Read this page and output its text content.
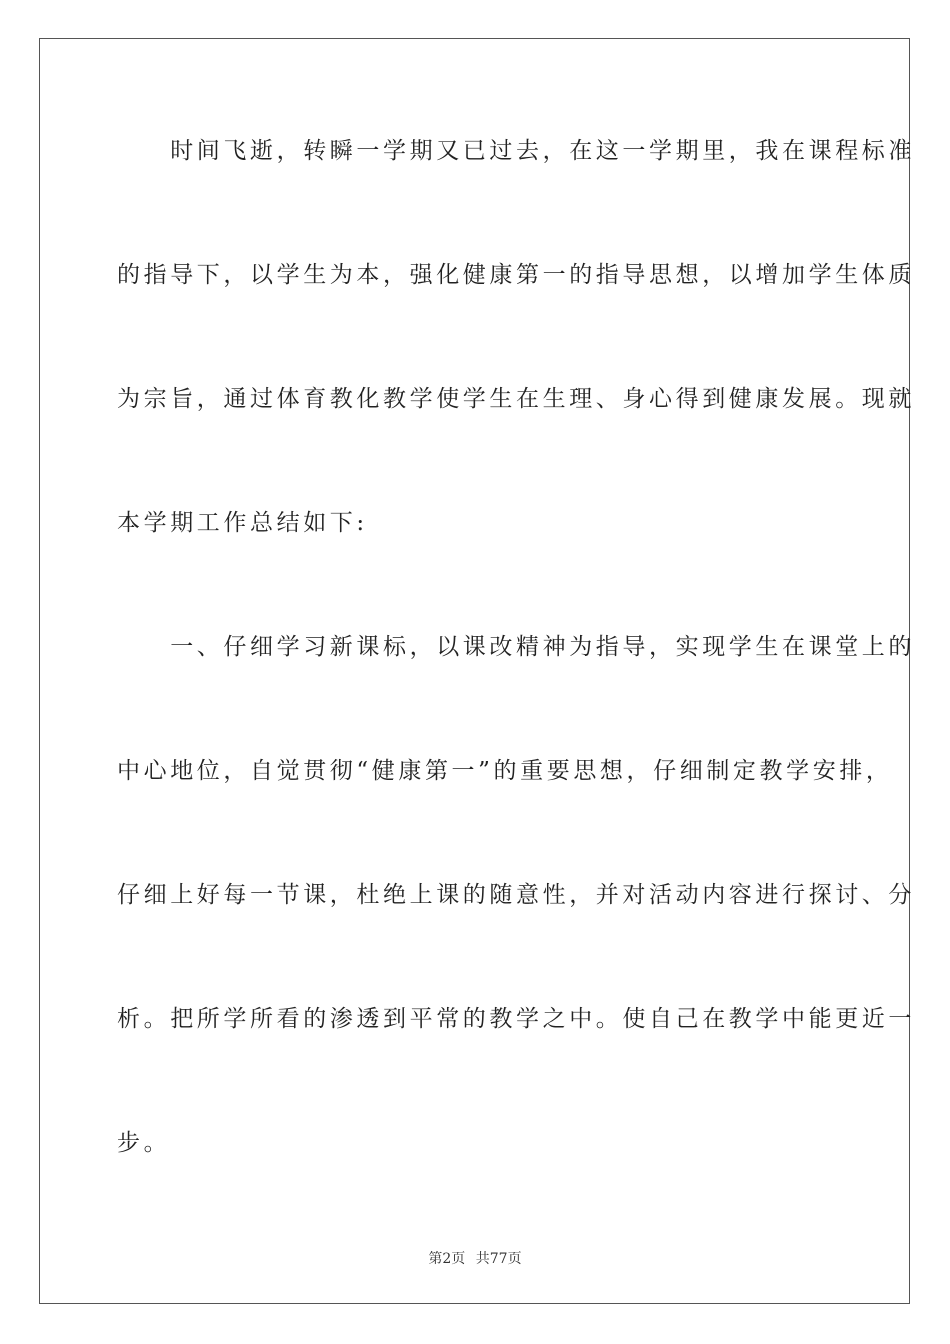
　　时间飞逝，转瞬一学期又已过去，在这一学期里，我在课程标准
的指导下，以学生为本，强化健康第一的指导思想，以增加学生体质
为宗旨，通过体育教化教学使学生在生理、身心得到健康发展。现就
本学期工作总结如下:
　　一、仔细学习新课标，以课改精神为指导，实现学生在课堂上的
中心地位，自觉贯彻“健康第一”的重要思想，仔细制定教学安排，
仔细上好每一节课，杜绝上课的随意性，并对活动内容进行探讨、分
析。把所学所看的渗透到平常的教学之中。使自己在教学中能更近一
步。
第2页 共77页
